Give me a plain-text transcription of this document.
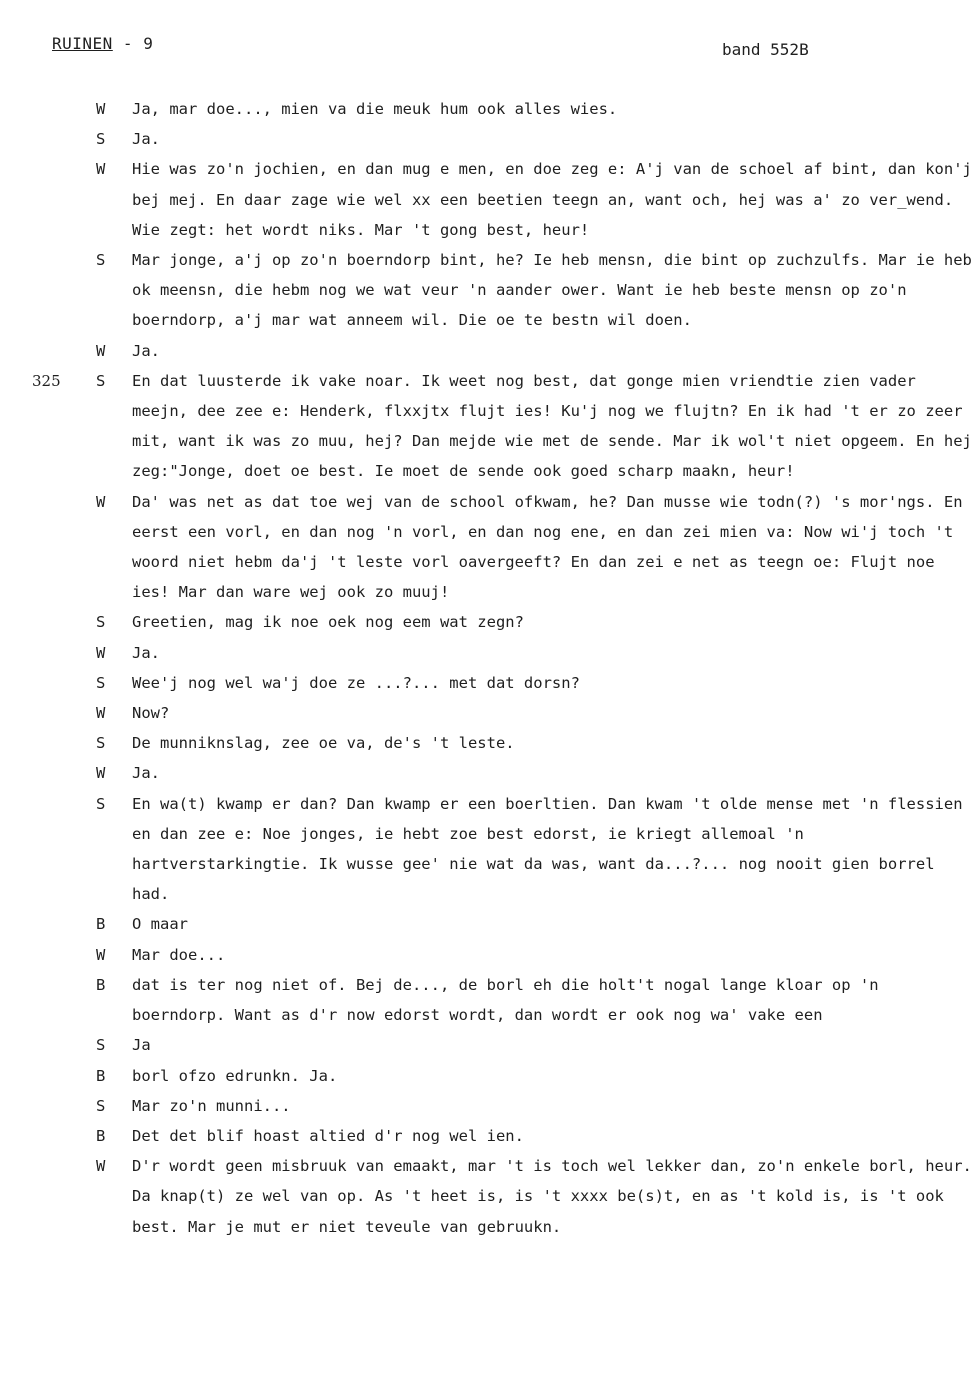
RUINEN - 9	band 552B
W	Ja, mar doe..., mien va die meuk hum ook alles wies.
S	Ja.
W	Hie was zo'n jochien, en dan mug e men, en doe zeg e: A'j van de schoel af bint, dan kon'j bej mej. En daar zage wie wel xx een beetien teegn an, want och, hej was a' zo ver_wend. Wie zegt: het wordt niks. Mar 't gong best, heur!
S	Mar jonge, a'j op zo'n boerndorp bint, he? Ie heb mensn, die bint op zuchzulfs. Mar ie heb ok meensn, die hebm nog we wat veur 'n aander ower. Want ie heb beste mensn op zo'n boerndorp, a'j mar wat anneem wil. Die oe te bestn wil doen.
W	Ja.
325 S	En dat luusterde ik vake noar. Ik weet nog best, dat gonge mien vriendtie zien vader meejn, dee zee e: Henderk, flxxjtx flujt ies! Ku'j nog we flujtn? En ik had 't er zo zeer mit, want ik was zo muu, hej? Dan mejde wie met de sende. Mar ik wol't niet opgeem. En hej zeg:"Jonge, doet oe best. Ie moet de sende ook goed scharp maakn, heur!
W	Da' was net as dat toe wej van de school ofkwam, he? Dan musse wie todn(?) 's mor'ngs. En eerst een vorl, en dan nog 'n vorl, en dan nog ene, en dan zei mien va: Now wi'j toch 't woord niet hebm da'j 't leste vorl oavergeeft? En dan zei e net as teegn oe: Flujt noe ies! Mar dan ware wej ook zo muuj!
S	Greetien, mag ik noe oek nog eem wat zegn?
W	Ja.
S	Wee'j nog wel wa'j doe ze ...?... met dat dorsn?
W	Now?
S	De munniknslag, zee oe va, de's 't leste.
W	Ja.
S	En wa(t) kwamp er dan? Dan kwamp er een boerltien. Dan kwam 't olde mense met 'n flessien en dan zee e: Noe jonges, ie hebt zoe best edorst, ie kriegt allemoal 'n hartverstarkingtie. Ik wusse gee' nie wat da was, want da...?... nog nooit gien borrel had.
B	O maar
W	Mar doe...
B	dat is ter nog niet of. Bej de..., de borl eh die holt't nogal lange kloar op 'n boerndorp. Want as d'r now edorst wordt, dan wordt er ook nog wa' vake een
S	Ja
B	borl ofzo edrunkn. Ja.
S	Mar zo'n munni...
B	Det det blif hoast altied d'r nog wel ien.
W	D'r wordt geen misbruuk van emaakt, mar 't is toch wel lekker dan, zo'n enkele borl, heur. Da knap(t) ze wel van op. As 't heet is, is 't xxxx be(s)t, en as 't kold is, is 't ook best. Mar je mut er niet teveule van gebruukn.
